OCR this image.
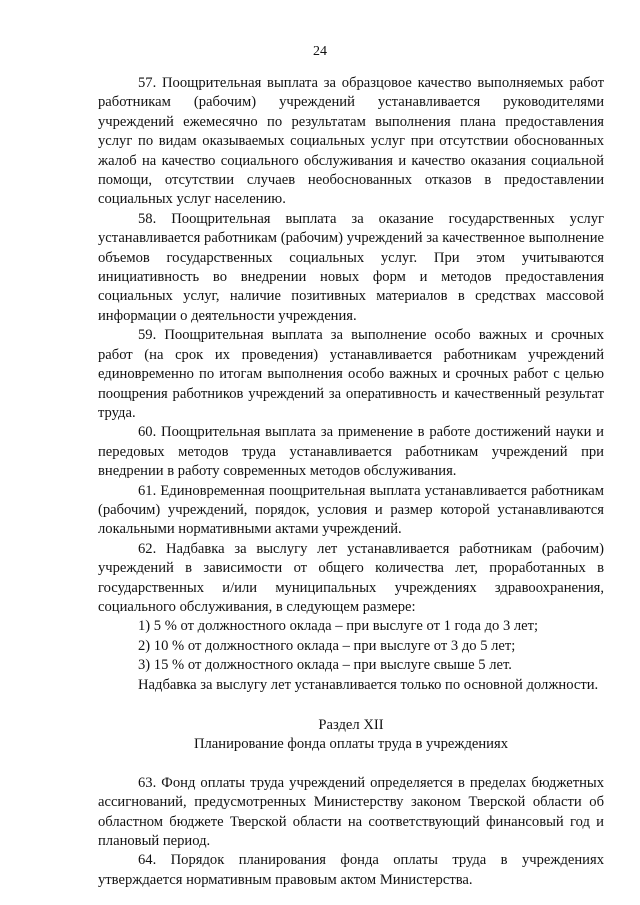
24

57. Поощрительная выплата за образцовое качество выполняемых работ работникам (рабочим) учреждений устанавливается руководителями учреждений ежемесячно по результатам выполнения плана предоставления услуг по видам оказываемых социальных услуг при отсутствии обоснованных жалоб на качество социального обслуживания и качество оказания социальной помощи, отсутствии случаев необоснованных отказов в предоставлении социальных услуг населению.

58. Поощрительная выплата за оказание государственных услуг устанавливается работникам (рабочим) учреждений за качественное выполнение объемов государственных социальных услуг. При этом учитываются инициативность во внедрении новых форм и методов предоставления социальных услуг, наличие позитивных материалов в средствах массовой информации о деятельности учреждения.

59. Поощрительная выплата за выполнение особо важных и срочных работ (на срок их проведения) устанавливается работникам учреждений единовременно по итогам выполнения особо важных и срочных работ с целью поощрения работников учреждений за оперативность и качественный результат труда.

60. Поощрительная выплата за применение в работе достижений науки и передовых методов труда устанавливается работникам учреждений при внедрении в работу современных методов обслуживания.

61. Единовременная поощрительная выплата устанавливается работникам (рабочим) учреждений, порядок, условия и размер которой устанавливаются локальными нормативными актами учреждений.

62. Надбавка за выслугу лет устанавливается работникам (рабочим) учреждений в зависимости от общего количества лет, проработанных в государственных и/или муниципальных учреждениях здравоохранения, социального обслуживания, в следующем размере:

1) 5 % от должностного оклада – при выслуге от 1 года до 3 лет;

2) 10 % от должностного оклада – при выслуге от 3 до 5 лет;

3) 15 % от должностного оклада – при выслуге свыше 5 лет.

Надбавка за выслугу лет устанавливается только по основной должности.

Раздел XII

Планирование фонда оплаты труда в учреждениях

63. Фонд оплаты труда учреждений определяется в пределах бюджетных ассигнований, предусмотренных Министерству законом Тверской области об областном бюджете Тверской области на соответствующий финансовый год и плановый период.

64. Порядок планирования фонда оплаты труда в учреждениях утверждается нормативным правовым актом Министерства.
